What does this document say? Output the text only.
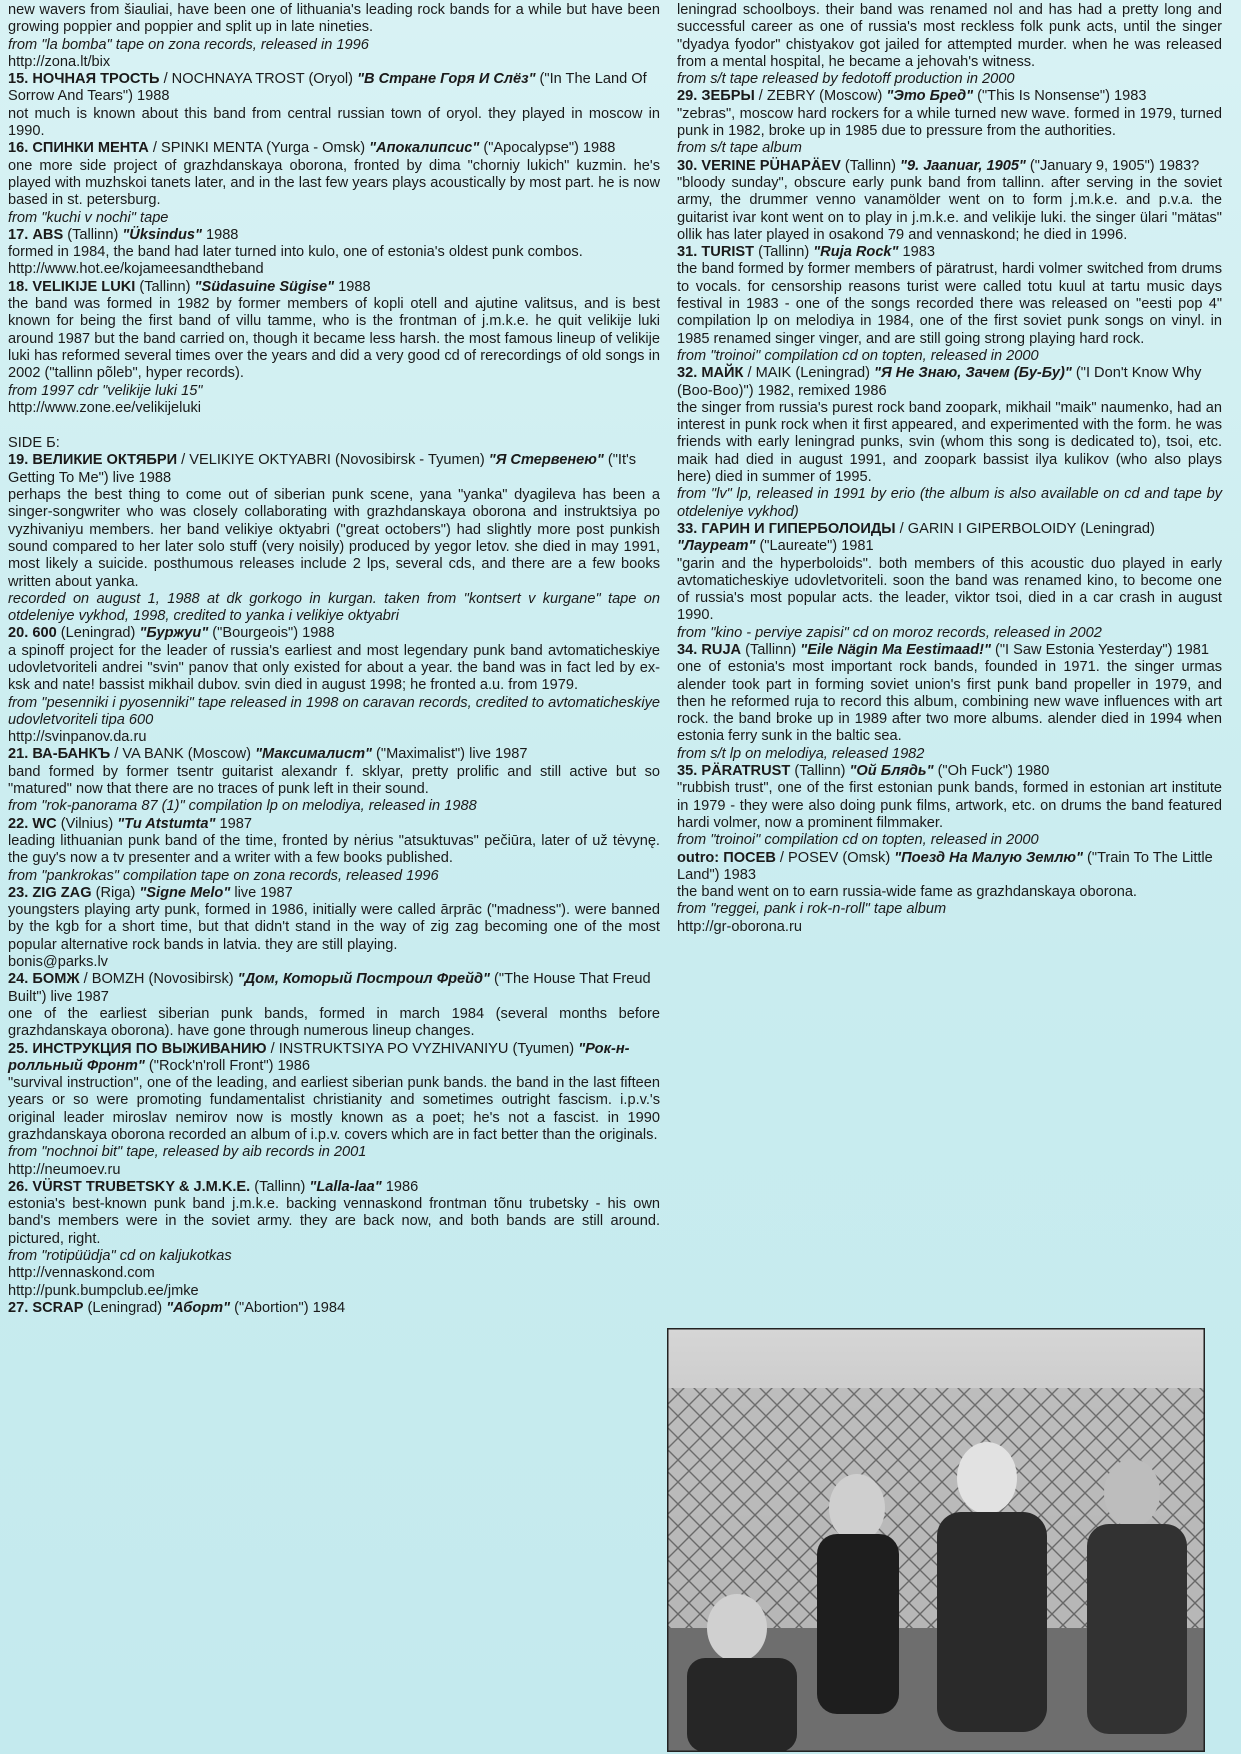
new wavers from šiauliai, have been one of lithuania's leading rock bands for a while but have been growing poppier and poppier and split up in late nineties.

from "la bomba" tape on zona records, released in 1996

http://zona.lt/bix

15. НОЧНАЯ ТРОСТЬ / NOCHNAYA TROST (Oryol) "В Стране Горя И Слёз" ("In The Land Of Sorrow And Tears") 1988

not much is known about this band from central russian town of oryol. they played in moscow in 1990.

16. СПИНКИ МЕНТА / SPINKI MENTA (Yurga - Omsk) "Апокалипсис" ("Apocalypse") 1988

one more side project of grazhdanskaya oborona, fronted by dima "chorniy lukich" kuzmin. he's played with muzhskoi tanets later, and in the last few years plays acoustically by most part. he is now based in st. petersburg.

from "kuchi v nochi" tape

17. ABS (Tallinn) "Üksindus" 1988

formed in 1984, the band had later turned into kulo, one of estonia's oldest punk combos.

http://www.hot.ee/kojameesandtheband

18. VELIKIJE LUKI (Tallinn) "Südasuine Sügise" 1988

the band was formed in 1982 by former members of kopli otell and ajutine valitsus, and is best known for being the first band of villu tamme, who is the frontman of j.m.k.e. he quit velikije luki around 1987 but the band carried on, though it became less harsh. the most famous lineup of velikije luki has reformed several times over the years and did a very good cd of rerecordings of old songs in 2002 ("tallinn põleb", hyper records).

from 1997 cdr "velikije luki 15"

http://www.zone.ee/velikijeluki

SIDE Б:

19. ВЕЛИКИЕ ОКТЯБРИ / VELIKIYE OKTYABRI (Novosibirsk - Tyumen) "Я Стервенею" ("It's Getting To Me") live 1988

perhaps the best thing to come out of siberian punk scene, yana "yanka" dyagileva has been a singer-songwriter who was closely collaborating with grazhdanskaya oborona and instruktsiya po vyzhivaniyu members. her band velikiye oktyabri ("great octobers") had slightly more post punkish sound compared to her later solo stuff (very noisily) produced by yegor letov. she died in may 1991, most likely a suicide. posthumous releases include 2 lps, several cds, and there are a few books written about yanka.

recorded on august 1, 1988 at dk gorkogo in kurgan. taken from "kontsert v kurgane" tape on otdeleniye vykhod, 1998, credited to yanka i velikiye oktyabri

20. 600 (Leningrad) "Буржуи" ("Bourgeois") 1988

a spinoff project for the leader of russia's earliest and most legendary punk band avtomaticheskiye udovletvoriteli andrei "svin" panov that only existed for about a year. the band was in fact led by ex-ksk and nate! bassist mikhail dubov. svin died in august 1998; he fronted a.u. from 1979.

from "pesenniki i pyosenniki" tape released in 1998 on caravan records, credited to avtomaticheskiye udovletvoriteli tipa 600

http://svinpanov.da.ru

21. ВА-БАНКЪ / VA BANK (Moscow) "Максималист" ("Maximalist") live 1987

band formed by former tsentr guitarist alexandr f. sklyar, pretty prolific and still active but so "matured" now that there are no traces of punk left in their sound.

from "rok-panorama 87 (1)" compilation lp on melodiya, released in 1988

22. WC (Vilnius) "Tu Atstumta" 1987

leading lithuanian punk band of the time, fronted by nėrius "atsuktuvas" pečiūra, later of už tėvynę. the guy's now a tv presenter and a writer with a few books published.

from "pankrokas" compilation tape on zona records, released 1996

23. ZIG ZAG (Riga) "Signe Melo" live 1987

youngsters playing arty punk, formed in 1986, initially were called ārprāc ("madness"). were banned by the kgb for a short time, but that didn't stand in the way of zig zag becoming one of the most popular alternative rock bands in latvia. they are still playing.

bonis@parks.lv

24. БОМЖ / BOMZH (Novosibirsk) "Дом, Который Построил Фрейд" ("The House That Freud Built") live 1987

one of the earliest siberian punk bands, formed in march 1984 (several months before grazhdanskaya oborona). have gone through numerous lineup changes.

25. ИНСТРУКЦИЯ ПО ВЫЖИВАНИЮ / INSTRUKTSIYA PO VYZHIVANIYU (Tyumen) "Рок-н-ролльный Фронт" ("Rock'n'roll Front") 1986

"survival instruction", one of the leading, and earliest siberian punk bands. the band in the last fifteen years or so were promoting fundamentalist christianity and sometimes outright fascism. i.p.v.'s original leader miroslav nemirov now is mostly known as a poet; he's not a fascist. in 1990 grazhdanskaya oborona recorded an album of i.p.v. covers which are in fact better than the originals.

from "nochnoi bit" tape, released by aib records in 2001

http://neumoev.ru

26. VÜRST TRUBETSKY & J.M.K.E. (Tallinn) "Lalla-laa" 1986

estonia's best-known punk band j.m.k.e. backing vennaskond frontman tõnu trubetsky - his own band's members were in the soviet army. they are back now, and both bands are still around. pictured, right.

from "rotipüüdja" cd on kaljukotkas

http://vennaskond.com

http://punk.bumpclub.ee/jmke

27. SCRAP (Leningrad) "Аборт" ("Abortion") 1984

leningrad schoolboys. their band was renamed nol and has had a pretty long and successful career as one of russia's most reckless folk punk acts, until the singer "dyadya fyodor" chistyakov got jailed for attempted murder. when he was released from a mental hospital, he became a jehovah's witness.

from s/t tape released by fedotoff production in 2000

29. ЗЕБРЫ / ZEBRY (Moscow) "Это Бред" ("This Is Nonsense") 1983

"zebras", moscow hard rockers for a while turned new wave. formed in 1979, turned punk in 1982, broke up in 1985 due to pressure from the authorities.

from s/t tape album

30. VERINE PÜHAPÄEV (Tallinn) "9. Jaanuar, 1905" ("January 9, 1905") 1983?

"bloody sunday", obscure early punk band from tallinn. after serving in the soviet army, the drummer venno vanamölder went on to form j.m.k.e. and p.v.a. the guitarist ivar kont went on to play in j.m.k.e. and velikije luki. the singer ülari "mätas" ollik has later played in osakond 79 and vennaskond; he died in 1996.

31. TURIST (Tallinn) "Ruja Rock" 1983

the band formed by former members of päratrust, hardi volmer switched from drums to vocals. for censorship reasons turist were called totu kuul at tartu music days festival in 1983 - one of the songs recorded there was released on "eesti pop 4" compilation lp on melodiya in 1984, one of the first soviet punk songs on vinyl. in 1985 renamed singer vinger, and are still going strong playing hard rock.

from "troinoi" compilation cd on topten, released in 2000

32. МАЙК / MAIK (Leningrad) "Я Не Знаю, Зачем (Бу-Бу)" ("I Don't Know Why (Boo-Boo)") 1982, remixed 1986

the singer from russia's purest rock band zoopark, mikhail "maik" naumenko, had an interest in punk rock when it first appeared, and experimented with the form. he was friends with early leningrad punks, svin (whom this song is dedicated to), tsoi, etc. maik had died in august 1991, and zoopark bassist ilya kulikov (who also plays here) died in summer of 1995.

from "lv" lp, released in 1991 by erio (the album is also available on cd and tape by otdeleniye vykhod)

33. ГАРИН И ГИПЕРБОЛОИДЫ / GARIN I GIPERBOLOIDY (Leningrad) "Лауреат" ("Laureate") 1981

"garin and the hyperboloids". both members of this acoustic duo played in early avtomaticheskiye udovletvoriteli. soon the band was renamed kino, to become one of russia's most popular acts. the leader, viktor tsoi, died in a car crash in august 1990.

from "kino - perviye zapisi" cd on moroz records, released in 2002

34. RUJA (Tallinn) "Eile Nägin Ma Eestimaad!" ("I Saw Estonia Yesterday") 1981

one of estonia's most important rock bands, founded in 1971. the singer urmas alender took part in forming soviet union's first punk band propeller in 1979, and then he reformed ruja to record this album, combining new wave influences with art rock. the band broke up in 1989 after two more albums. alender died in 1994 when estonia ferry sunk in the baltic sea.

from s/t lp on melodiya, released 1982

35. PÄRATRUST (Tallinn) "Ой Блядь" ("Oh Fuck") 1980

"rubbish trust", one of the first estonian punk bands, formed in estonian art institute in 1979 - they were also doing punk films, artwork, etc. on drums the band featured hardi volmer, now a prominent filmmaker.

from "troinoi" compilation cd on topten, released in 2000

outro: ПОСЕВ / POSEV (Omsk) "Поезд На Малую Землю" ("Train To The Little Land") 1983

the band went on to earn russia-wide fame as grazhdanskaya oborona.

from "reggei, pank i rok-n-roll" tape album

http://gr-oborona.ru
